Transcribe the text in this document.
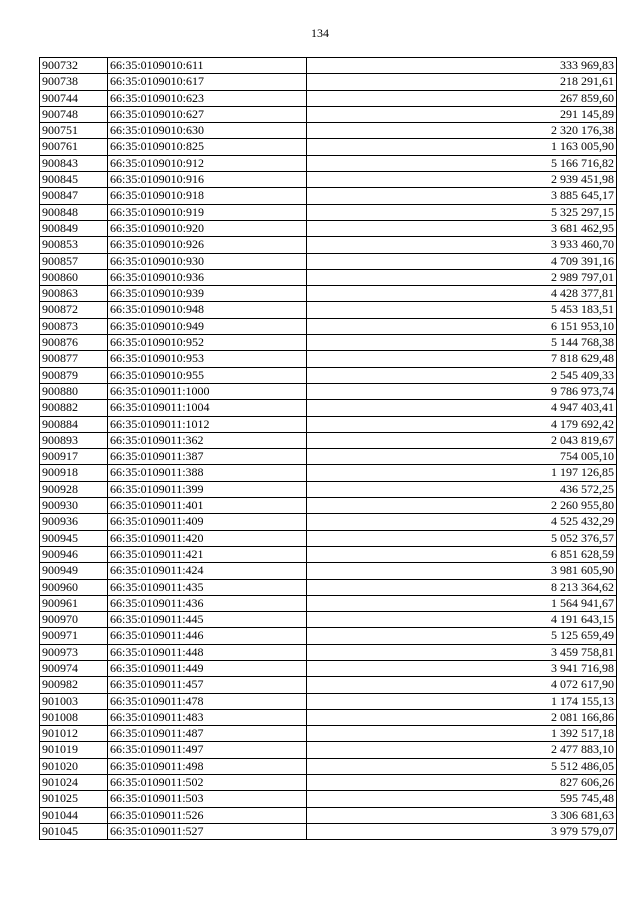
134
900732	66:35:0109010:611	333 969,83
900738	66:35:0109010:617	218 291,61
900744	66:35:0109010:623	267 859,60
900748	66:35:0109010:627	291 145,89
900751	66:35:0109010:630	2 320 176,38
900761	66:35:0109010:825	1 163 005,90
900843	66:35:0109010:912	5 166 716,82
900845	66:35:0109010:916	2 939 451,98
900847	66:35:0109010:918	3 885 645,17
900848	66:35:0109010:919	5 325 297,15
900849	66:35:0109010:920	3 681 462,95
900853	66:35:0109010:926	3 933 460,70
900857	66:35:0109010:930	4 709 391,16
900860	66:35:0109010:936	2 989 797,01
900863	66:35:0109010:939	4 428 377,81
900872	66:35:0109010:948	5 453 183,51
900873	66:35:0109010:949	6 151 953,10
900876	66:35:0109010:952	5 144 768,38
900877	66:35:0109010:953	7 818 629,48
900879	66:35:0109010:955	2 545 409,33
900880	66:35:0109011:1000	9 786 973,74
900882	66:35:0109011:1004	4 947 403,41
900884	66:35:0109011:1012	4 179 692,42
900893	66:35:0109011:362	2 043 819,67
900917	66:35:0109011:387	754 005,10
900918	66:35:0109011:388	1 197 126,85
900928	66:35:0109011:399	436 572,25
900930	66:35:0109011:401	2 260 955,80
900936	66:35:0109011:409	4 525 432,29
900945	66:35:0109011:420	5 052 376,57
900946	66:35:0109011:421	6 851 628,59
900949	66:35:0109011:424	3 981 605,90
900960	66:35:0109011:435	8 213 364,62
900961	66:35:0109011:436	1 564 941,67
900970	66:35:0109011:445	4 191 643,15
900971	66:35:0109011:446	5 125 659,49
900973	66:35:0109011:448	3 459 758,81
900974	66:35:0109011:449	3 941 716,98
900982	66:35:0109011:457	4 072 617,90
901003	66:35:0109011:478	1 174 155,13
901008	66:35:0109011:483	2 081 166,86
901012	66:35:0109011:487	1 392 517,18
901019	66:35:0109011:497	2 477 883,10
901020	66:35:0109011:498	5 512 486,05
901024	66:35:0109011:502	827 606,26
901025	66:35:0109011:503	595 745,48
901044	66:35:0109011:526	3 306 681,63
901045	66:35:0109011:527	3 979 579,07
